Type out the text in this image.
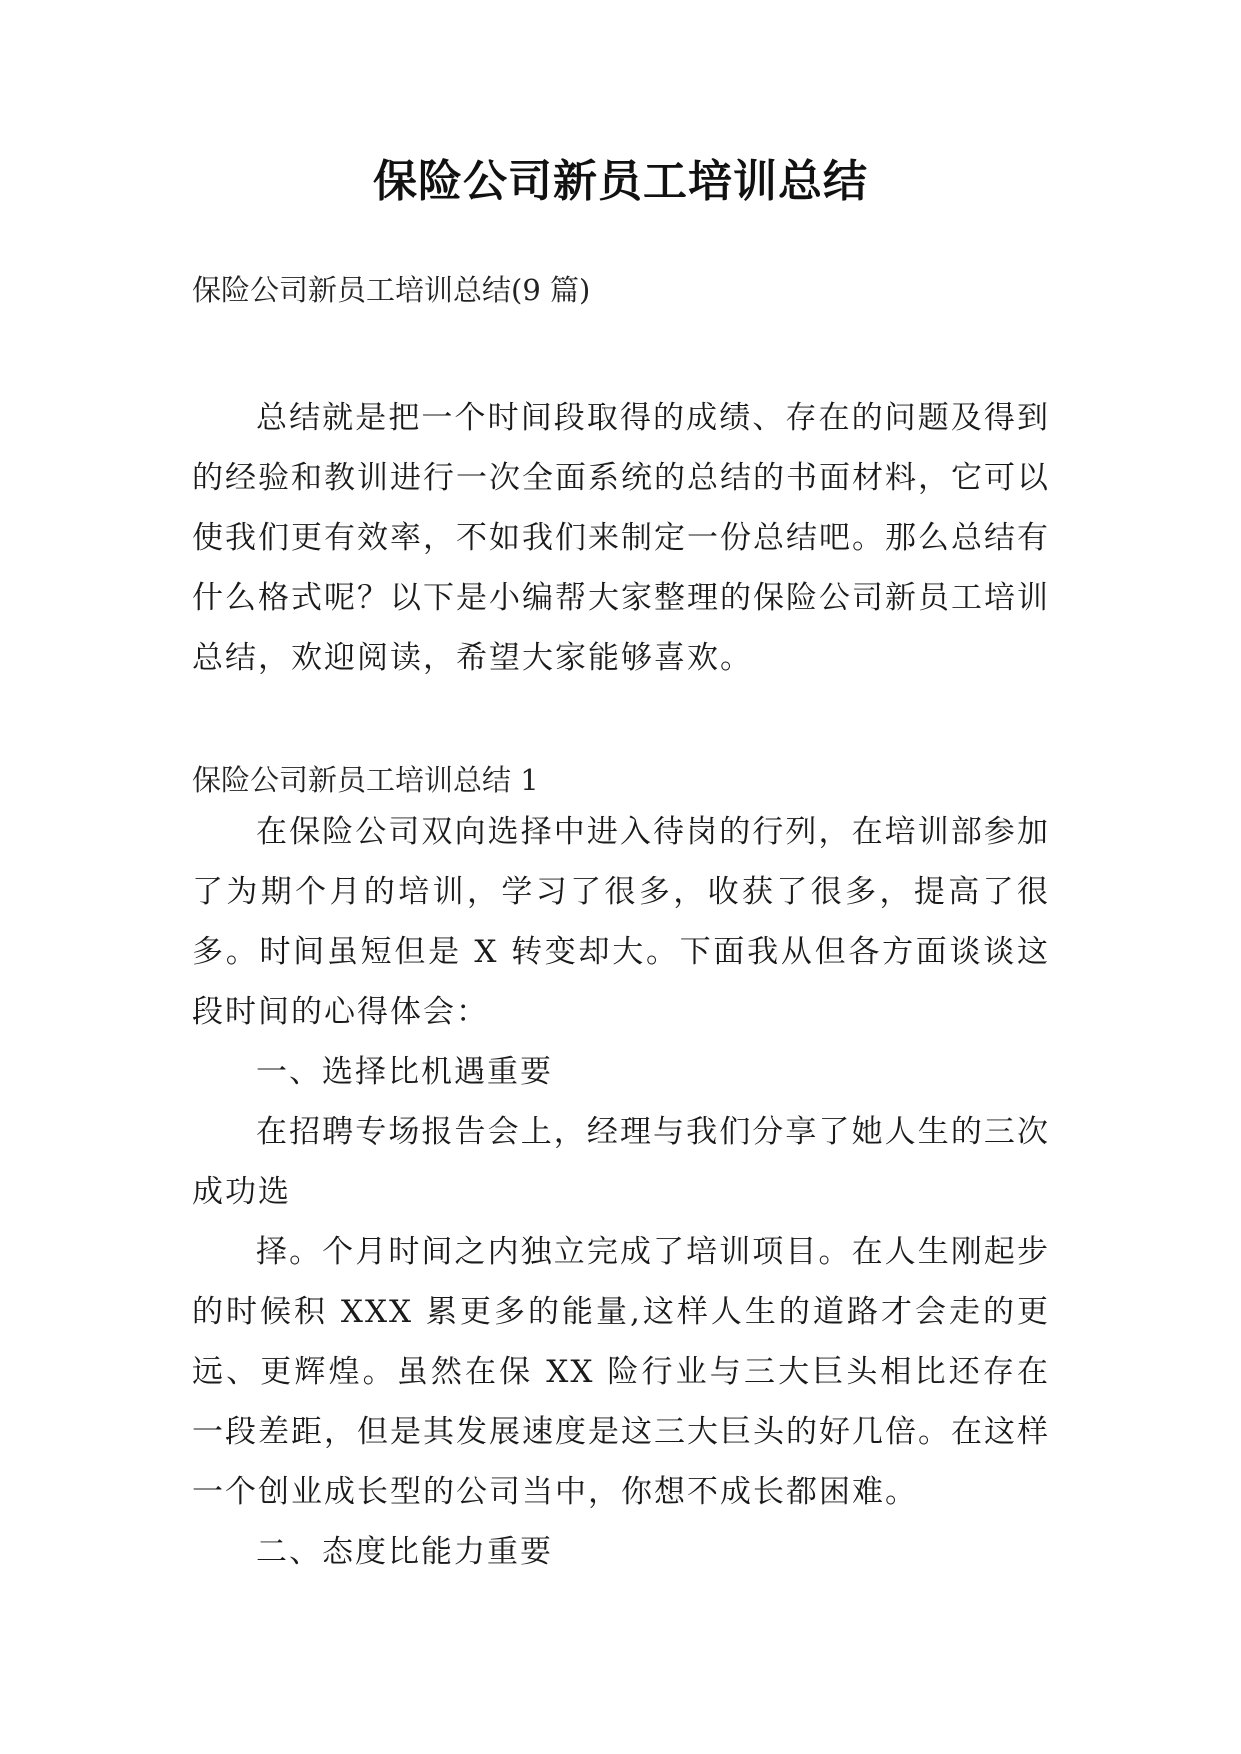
保险公司新员工培训总结

保险公司新员工培训总结(9 篇)

总结就是把一个时间段取得的成绩、存在的问题及得到的经验和教训进行一次全面系统的总结的书面材料，它可以使我们更有效率，不如我们来制定一份总结吧。那么总结有什么格式呢？以下是小编帮大家整理的保险公司新员工培训总结，欢迎阅读，希望大家能够喜欢。

保险公司新员工培训总结 1

在保险公司双向选择中进入待岗的行列，在培训部参加了为期个月的培训，学习了很多，收获了很多，提高了很多。时间虽短但是 X 转变却大。下面我从但各方面谈谈这段时间的心得体会：

一、选择比机遇重要

在招聘专场报告会上，经理与我们分享了她人生的三次成功选

择。个月时间之内独立完成了培训项目。在人生刚起步的时候积 XXX 累更多的能量,这样人生的道路才会走的更远、更辉煌。虽然在保 XX 险行业与三大巨头相比还存在一段差距，但是其发展速度是这三大巨头的好几倍。在这样一个创业成长型的公司当中，你想不成长都困难。

二、态度比能力重要
